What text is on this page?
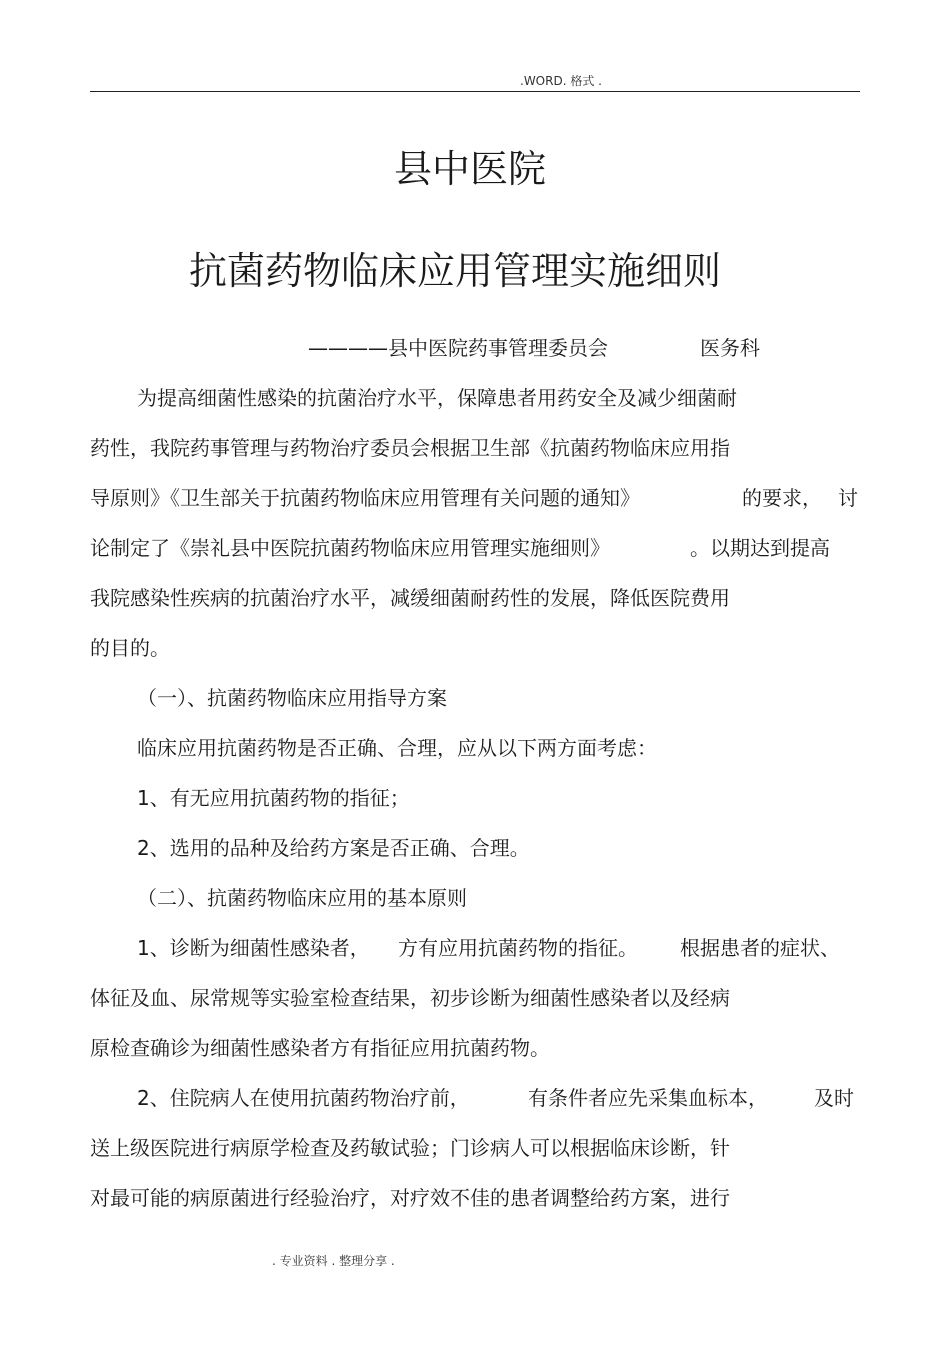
.WORD. 格式 .
县中医院
抗菌药物临床应用管理实施细则
————县中医院药事管理委员会	医务科
为提高细菌性感染的抗菌治疗水平，保障患者用药安全及减少细菌耐
药性，我院药事管理与药物治疗委员会根据卫生部《抗菌药物临床应用指
导原则》《卫生部关于抗菌药物临床应用管理有关问题的通知》	的要求， 讨
论制定了《崇礼县中医院抗菌药物临床应用管理实施细则》	。以期达到提高
我院感染性疾病的抗菌治疗水平，减缓细菌耐药性的发展，降低医院费用
的目的。
（一）、抗菌药物临床应用指导方案
临床应用抗菌药物是否正确、合理，应从以下两方面考虑：
1、有无应用抗菌药物的指征；
2、选用的品种及给药方案是否正确、合理。
（二）、抗菌药物临床应用的基本原则
1、诊断为细菌性感染者， 方有应用抗菌药物的指征。 根据患者的症状、
体征及血、尿常规等实验室检查结果，初步诊断为细菌性感染者以及经病
原检查确诊为细菌性感染者方有指征应用抗菌药物。
2、住院病人在使用抗菌药物治疗前，	有条件者应先采集血标本， 及时
送上级医院进行病原学检查及药敏试验；门诊病人可以根据临床诊断，针
对最可能的病原菌进行经验治疗，对疗效不佳的患者调整给药方案，进行
. 专业资料 . 整理分享 .
